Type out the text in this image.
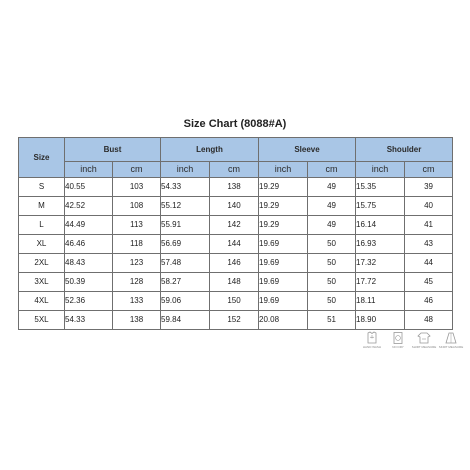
Size Chart (8088#A)
Size	Bust		Length		Sleeve		Shoulder	
	inch	cm	inch	cm	inch	cm	inch	cm
S	40.55	103	54.33	138	19.29	49	15.35	39
M	42.52	108	55.12	140	19.29	49	15.75	40
L	44.49	113	55.91	142	19.29	49	16.14	41
XL	46.46	118	56.69	144	19.69	50	16.93	43
2XL	48.43	123	57.48	146	19.69	50	17.32	44
3XL	50.39	128	58.27	148	19.69	50	17.72	45
4XL	52.36	133	59.06	150	19.69	50	18.11	46
5XL	54.33	138	59.84	152	20.08	51	18.90	48
HAND WASH	NO DRY	SHIRT MEASURE SKIRT MEASURE
